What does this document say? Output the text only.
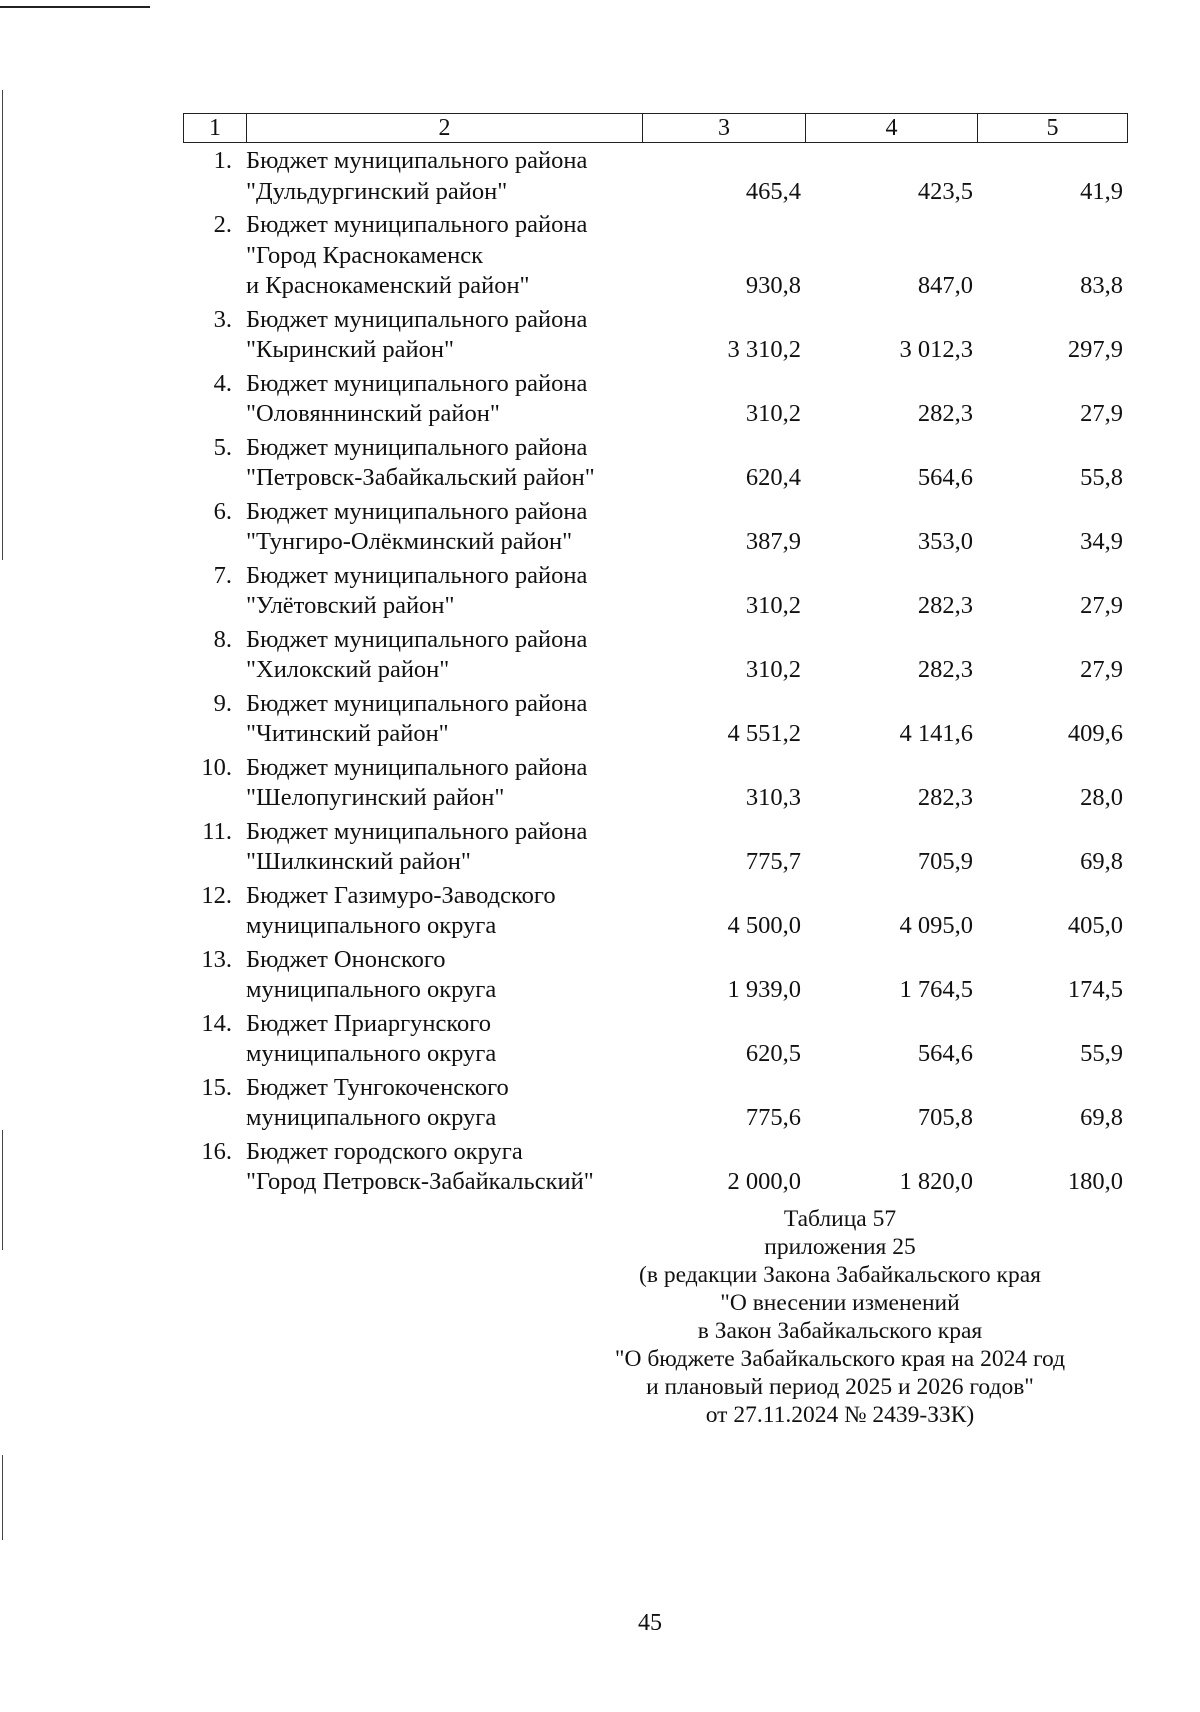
1	2	3	4	5
1.	Бюджет муниципального района
"Дульдургинский район"	465,4	423,5	41,9
2.	Бюджет муниципального района
"Город Краснокаменск
и Краснокаменский район"	930,8	847,0	83,8
3.	Бюджет муниципального района
"Кыринский район"	3 310,2	3 012,3	297,9
4.	Бюджет муниципального района
"Оловяннинский район"	310,2	282,3	27,9
5.	Бюджет муниципального района
"Петровск-Забайкальский район"	620,4	564,6	55,8
6.	Бюджет муниципального района
"Тунгиро-Олёкминский район"	387,9	353,0	34,9
7.	Бюджет муниципального района
"Улётовский район"	310,2	282,3	27,9
8.	Бюджет муниципального района
"Хилокский район"	310,2	282,3	27,9
9.	Бюджет муниципального района
"Читинский район"	4 551,2	4 141,6	409,6
10.	Бюджет муниципального района
"Шелопугинский район"	310,3	282,3	28,0
11.	Бюджет муниципального района
"Шилкинский район"	775,7	705,9	69,8
12.	Бюджет Газимуро-Заводского
муниципального округа	4 500,0	4 095,0	405,0
13.	Бюджет Ононского
муниципального округа	1 939,0	1 764,5	174,5
14.	Бюджет Приаргунского
муниципального округа	620,5	564,6	55,9
15.	Бюджет Тунгокоченского
муниципального округа	775,6	705,8	69,8
16.	Бюджет городского округа
"Город Петровск-Забайкальский"	2 000,0	1 820,0	180,0
Таблица 57
приложения 25
(в редакции Закона Забайкальского края
"О внесении изменений
в Закон Забайкальского края
"О бюджете Забайкальского края на 2024 год
и плановый период 2025 и 2026 годов"
от 27.11.2024 № 2439-ЗЗК)
45
